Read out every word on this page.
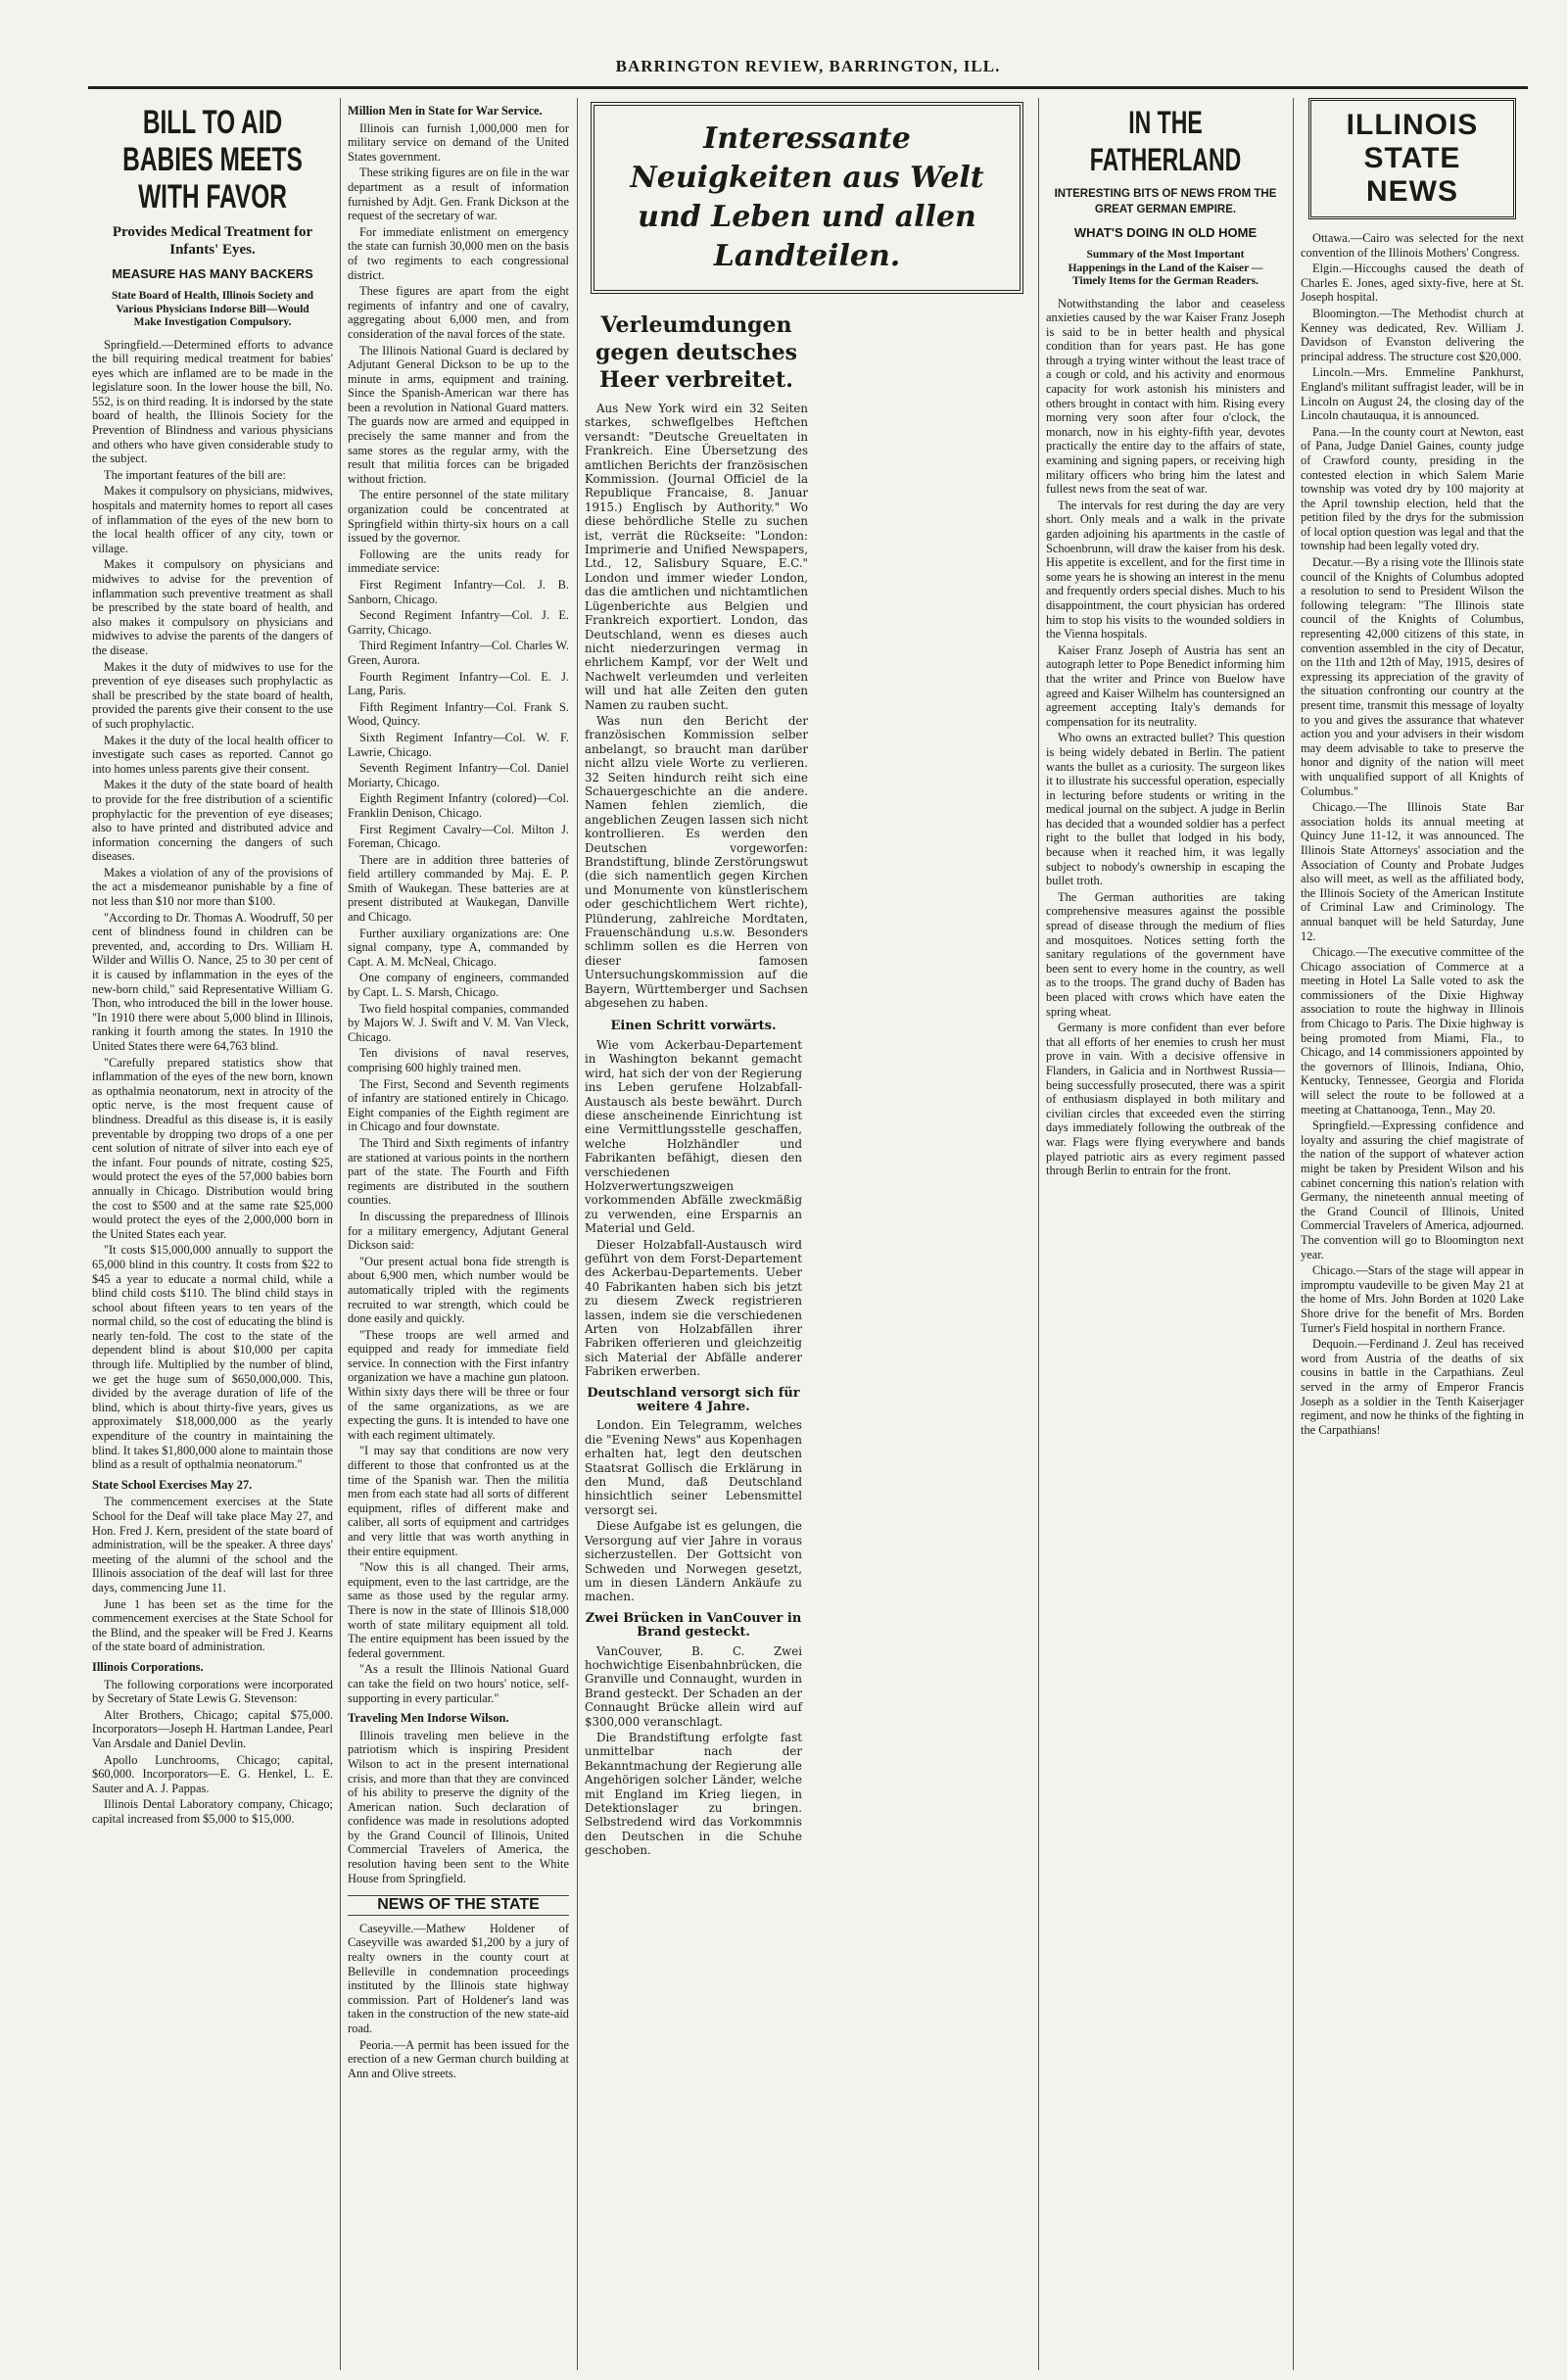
BARRINGTON REVIEW, BARRINGTON, ILL.
BILL TO AID BABIES MEETS WITH FAVOR
Provides Medical Treatment for Infants' Eyes.
MEASURE HAS MANY BACKERS
State Board of Health, Illinois Society and Various Physicians Indorse Bill—Would Make Investigation Compulsory.

Springfield.—Determined efforts to advance the bill requiring medical treatment for babies' eyes which are inflamed are to be made in the legislature soon. In the lower house the bill, No. 552, is on third reading. It is indorsed by the state board of health, the Illinois Society for the Prevention of Blindness and various physicians and others who have given considerable study to the subject.

The important features of the bill are:

Makes it compulsory on physicians, midwives, hospitals and maternity homes to report all cases of inflammation of the eyes of the new born to the local health officer of any city, town or village.

Makes it compulsory on physicians and midwives to advise for the prevention of inflammation such preventive treatment as shall be prescribed by the state board of health, and also makes it compulsory on physicians and midwives to advise the parents of the dangers of the disease.

Makes it the duty of midwives to use for the prevention of eye diseases such prophylactic as shall be prescribed by the state board of health, provided the parents give their consent to the use of such prophylactic.

Makes it the duty of the local health officer to investigate such cases as reported. Cannot go into homes unless parents give their consent.

Makes it the duty of the state board of health to provide for the free distribution of a scientific prophylactic for the prevention of eye diseases; also to have printed and distributed advice and information concerning the dangers of such diseases.

Makes a violation of any of the provisions of the act a misdemeanor punishable by a fine of not less than $10 nor more than $100.

"According to Dr. Thomas A. Woodruff, 50 per cent of blindness found in children can be prevented, and, according to Drs. William H. Wilder and Willis O. Nance, 25 to 30 per cent of it is caused by inflammation in the eyes of the new-born child," said Representative William G. Thon, who introduced the bill in the lower house. "In 1910 there were about 5,000 blind in Illinois, ranking it fourth among the states. In 1910 the United States there were 64,763 blind.

"Carefully prepared statistics show that inflammation of the eyes of the new born, known as opthalmia neonatorum, next in atrocity of the optic nerve, is the most frequent cause of blindness. Dreadful as this disease is, it is easily preventable by dropping two drops of a one per cent solution of nitrate of silver into each eye of the infant. Four pounds of nitrate, costing $25, would protect the eyes of the 57,000 babies born annually in Chicago. Distribution would bring the cost to $500 and at the same rate $25,000 would protect the eyes of the 2,000,000 born in the United States each year.

"It costs $15,000,000 annually to support the 65,000 blind in this country. It costs from $22 to $45 a year to educate a normal child, while a blind child costs $110. The blind child stays in school about fifteen years to ten years of the normal child, so the cost of educating the blind is nearly ten-fold. The cost to the state of the dependent blind is about $10,000 per capita through life. Multiplied by the number of blind, we get the huge sum of $650,000,000. This, divided by the average duration of life of the blind, which is about thirty-five years, gives us approximately $18,000,000 as the yearly expenditure of the country in maintaining the blind. It takes $1,800,000 alone to maintain those blind as a result of opthalmia neonatorum."

State School Exercises May 27.

The commencement exercises at the State School for the Deaf will take place May 27, and Hon. Fred J. Kern, president of the state board of administration, will be the speaker. A three days' meeting of the alumni of the school and the Illinois association of the deaf will last for three days, commencing June 11.

June 1 has been set as the time for the commencement exercises at the State School for the Blind, and the speaker will be Fred J. Kearns of the state board of administration.

Illinois Corporations.

The following corporations were incorporated by Secretary of State Lewis G. Stevenson:

Alter Brothers, Chicago; capital $75,000. Incorporators—Joseph H. Hartman Landee, Pearl Van Arsdale and Daniel Devlin.

Apollo Lunchrooms, Chicago; capital, $60,000. Incorporators—E. G. Henkel, L. E. Sauter and A. J. Pappas.

Illinois Dental Laboratory company, Chicago; capital increased from $5,000 to $15,000.

Million Men in State for War Service.

Illinois can furnish 1,000,000 men for military service on demand of the United States government.

These striking figures are on file in the war department as a result of information furnished by Adjt. Gen. Frank Dickson at the request of the secretary of war.

For immediate enlistment on emergency the state can furnish 30,000 men on the basis of two regiments to each congressional district.

These figures are apart from the eight regiments of infantry and one of cavalry, aggregating about 6,000 men, and from consideration of the naval forces of the state.

The Illinois National Guard is declared by Adjutant General Dickson to be up to the minute in arms, equipment and training. Since the Spanish-American war there has been a revolution in National Guard matters. The guards now are armed and equipped in precisely the same manner and from the same stores as the regular army, with the result that militia forces can be brigaded without friction.

The entire personnel of the state military organization could be concentrated at Springfield within thirty-six hours on a call issued by the governor.

Following are the units ready for immediate service:

First Regiment Infantry—Col. J. B. Sanborn, Chicago.

Second Regiment Infantry—Col. J. E. Garrity, Chicago.

Third Regiment Infantry—Col. Charles W. Green, Aurora.

Fourth Regiment Infantry—Col. E. J. Lang, Paris.

Fifth Regiment Infantry—Col. Frank S. Wood, Quincy.

Sixth Regiment Infantry—Col. W. F. Lawrie, Chicago.

Seventh Regiment Infantry—Col. Daniel Moriarty, Chicago.

Eighth Regiment Infantry (colored)—Col. Franklin Denison, Chicago.

First Regiment Cavalry—Col. Milton J. Foreman, Chicago.

There are in addition three batteries of field artillery commanded by Maj. E. P. Smith of Waukegan. These batteries are at present distributed at Waukegan, Danville and Chicago.

Further auxiliary organizations are: One signal company, type A, commanded by Capt. A. M. McNeal, Chicago.

One company of engineers, commanded by Capt. L. S. Marsh, Chicago.

Two field hospital companies, commanded by Majors W. J. Swift and V. M. Van Vleck, Chicago.

Ten divisions of naval reserves, comprising 600 highly trained men.

The First, Second and Seventh regiments of infantry are stationed entirely in Chicago. Eight companies of the Eighth regiment are in Chicago and four downstate.

The Third and Sixth regiments of infantry are stationed at various points in the northern part of the state. The Fourth and Fifth regiments are distributed in the southern counties.

In discussing the preparedness of Illinois for a military emergency, Adjutant General Dickson said:

"Our present actual bona fide strength is about 6,900 men, which number would be automatically tripled with the regiments recruited to war strength, which could be done easily and quickly.

"These troops are well armed and equipped and ready for immediate field service. In connection with the First infantry organization we have a machine gun platoon. Within sixty days there will be three or four of the same organizations, as we are expecting the guns. It is intended to have one with each regiment ultimately.

"I may say that conditions are now very different to those that confronted us at the time of the Spanish war. Then the militia men from each state had all sorts of different equipment, rifles of different make and caliber, all sorts of equipment and cartridges and very little that was worth anything in their entire equipment.

"Now this is all changed. Their arms, equipment, even to the last cartridge, are the same as those used by the regular army. There is now in the state of Illinois $18,000 worth of state military equipment all told. The entire equipment has been issued by the federal government.

"As a result the Illinois National Guard can take the field on two hours' notice, self-supporting in every particular."

Traveling Men Indorse Wilson.

Illinois traveling men believe in the patriotism which is inspiring President Wilson to act in the present international crisis, and more than that they are convinced of his ability to preserve the dignity of the American nation. Such declaration of confidence was made in resolutions adopted by the Grand Council of Illinois, United Commercial Travelers of America, the resolution having been sent to the White House from Springfield.

NEWS OF THE STATE

Caseyville.—Mathew Holdener of Caseyville was awarded $1,200 by a jury of realty owners in the county court at Belleville in condemnation proceedings instituted by the Illinois state highway commission. Part of Holdener's land was taken in the construction of the new state-aid road.

Peoria.—A permit has been issued for the erection of a new German church building at Ann and Olive streets.

Interessante Neuigkeiten aus Welt und Leben und allen Landteilen.
Verleumdungen gegen deutsches Heer verbreitet.

Aus New York wird ein 32 Seiten starkes, schweflgelbes Heftchen versandt: "Deutsche Greueltaten in Frankreich. Eine Übersetzung des amtlichen Berichts der französischen Kommission. (Journal Officiel de la Republique Francaise, 8. Januar 1915.) Englisch by Authority." Wo diese behördliche Stelle zu suchen ist, verrät die Rückseite: "London: Imprimerie and Unified Newspapers, Ltd., 12, Salisbury Square, E.C." London und immer wieder London, das die amtlichen und nichtamtlichen Lügenberichte aus Belgien und Frankreich exportiert. London, das Deutschland, wenn es dieses auch nicht niederzuringen vermag in ehrlichem Kampf, vor der Welt und Nachwelt verleumden und verleiten will und hat alle Zeiten den guten Namen zu rauben sucht.

Was nun den Bericht der französischen Kommission selber anbelangt, so braucht man darüber nicht allzu viele Worte zu verlieren. 32 Seiten hindurch reiht sich eine Schauergeschichte an die andere. Namen fehlen ziemlich, die angeblichen Zeugen lassen sich nicht kontrollieren. Es werden den Deutschen vorgeworfen: Brandstiftung, blinde Zerstörungswut (die sich namentlich gegen Kirchen und Monumente von künstlerischem oder geschichtlichem Wert richte), Plünderung, zahlreiche Mordtaten, Frauenschändung u.s.w. Besonders schlimm sollen es die Herren von dieser famosen Untersuchungskommission auf die Bayern, Württemberger und Sachsen abgesehen zu haben.

Einen Schritt vorwärts.

Wie vom Ackerbau-Departement in Washington bekannt gemacht wird, hat sich der von der Regierung ins Leben gerufene Holzabfall-Austausch als beste bewährt. Durch diese anscheinende Einrichtung ist eine Vermittlungsstelle geschaffen, welche Holzhändler und Fabrikanten befähigt, diesen den verschiedenen Holzverwertungszweigen vorkommenden Abfälle zweckmäßig zu verwenden, eine Ersparnis an Material und Geld.

Dieser Holzabfall-Austausch wird geführt von dem Forst-Departement des Ackerbau-Departements. Ueber 40 Fabrikanten haben sich bis jetzt zu diesem Zweck registrieren lassen, indem sie die verschiedenen Arten von Holzabfällen ihrer Fabriken offerieren und gleichzeitig sich Material der Abfälle anderer Fabriken erwerben.

Deutschland versorgt sich für weitere 4 Jahre.

London. Ein Telegramm, welches die "Evening News" aus Kopenhagen erhalten hat, legt den deutschen Staatsrat Gollisch die Erklärung in den Mund, daß Deutschland hinsichtlich seiner Lebensmittel versorgt sei.

Diese Aufgabe ist es gelungen, die Versorgung auf vier Jahre in voraus sicherzustellen. Der Gottsicht von Schweden und Norwegen gesetzt, um in diesen Ländern Ankäufe zu machen.

Zwei Brücken in VanCouver in Brand gesteckt.

VanCouver, B. C. Zwei hochwichtige Eisenbahnbrücken, die Granville und Connaught, wurden in Brand gesteckt. Der Schaden an der Connaught Brücke allein wird auf $300,000 veranschlagt.

Die Brandstiftung erfolgte fast unmittelbar nach der Bekanntmachung der Regierung alle Angehörigen solcher Länder, welche mit England im Krieg liegen, in Detektionslager zu bringen. Selbstredend wird das Vorkommnis den Deutschen in die Schuhe geschoben.

IN THE FATHERLAND
INTERESTING BITS OF NEWS FROM THE GREAT GERMAN EMPIRE.
WHAT'S DOING IN OLD HOME
Summary of the Most Important Happenings in the Land of the Kaiser —Timely Items for the German Readers.

Notwithstanding the labor and ceaseless anxieties caused by the war Kaiser Franz Joseph is said to be in better health and physical condition than for years past. He has gone through a trying winter without the least trace of a cough or cold, and his activity and enormous capacity for work astonish his ministers and others brought in contact with him. Rising every morning very soon after four o'clock, the monarch, now in his eighty-fifth year, devotes practically the entire day to the affairs of state, examining and signing papers, or receiving high military officers who bring him the latest and fullest news from the seat of war.

The intervals for rest during the day are very short. Only meals and a walk in the private garden adjoining his apartments in the castle of Schoenbrunn, will draw the kaiser from his desk. His appetite is excellent, and for the first time in some years he is showing an interest in the menu and frequently orders special dishes. Much to his disappointment, the court physician has ordered him to stop his visits to the wounded soldiers in the Vienna hospitals.

Kaiser Franz Joseph of Austria has sent an autograph letter to Pope Benedict informing him that the writer and Prince von Buelow have agreed and Kaiser Wilhelm has countersigned an agreement accepting Italy's demands for compensation for its neutrality.

Who owns an extracted bullet? This question is being widely debated in Berlin. The patient wants the bullet as a curiosity. The surgeon likes it to illustrate his successful operation, especially in lecturing before students or writing in the medical journal on the subject. A judge in Berlin has decided that a wounded soldier has a perfect right to the bullet that lodged in his body, because when it reached him, it was legally subject to nobody's ownership in escaping the bullet troth.

The German authorities are taking comprehensive measures against the possible spread of disease through the medium of flies and mosquitoes. Notices setting forth the sanitary regulations of the government have been sent to every home in the country, as well as to the troops. The grand duchy of Baden has been placed with crows which have eaten the spring wheat.

Germany is more confident than ever before that all efforts of her enemies to crush her must prove in vain. With a decisive offensive in Flanders, in Galicia and in Northwest Russia—being successfully prosecuted, there was a spirit of enthusiasm displayed in both military and civilian circles that exceeded even the stirring days immediately following the outbreak of the war. Flags were flying everywhere and bands played patriotic airs as every regiment passed through Berlin to entrain for the front.

ILLINOIS
STATE NEWS

Ottawa.—Cairo was selected for the next convention of the Illinois Mothers' Congress.

Elgin.—Hiccoughs caused the death of Charles E. Jones, aged sixty-five, here at St. Joseph hospital.

Bloomington.—The Methodist church at Kenney was dedicated, Rev. William J. Davidson of Evanston delivering the principal address. The structure cost $20,000.

Lincoln.—Mrs. Emmeline Pankhurst, England's militant suffragist leader, will be in Lincoln on August 24, the closing day of the Lincoln chautauqua, it is announced.

Pana.—In the county court at Newton, east of Pana, Judge Daniel Gaines, county judge of Crawford county, presiding in the contested election in which Salem Marie township was voted dry by 100 majority at the April township election, held that the petition filed by the drys for the submission of local option question was legal and that the township had been legally voted dry.

Decatur.—By a rising vote the Illinois state council of the Knights of Columbus adopted a resolution to send to President Wilson the following telegram: "The Illinois state council of the Knights of Columbus, representing 42,000 citizens of this state, in convention assembled in the city of Decatur, on the 11th and 12th of May, 1915, desires of expressing its appreciation of the gravity of the situation confronting our country at the present time, transmit this message of loyalty to you and gives the assurance that whatever action you and your advisers in their wisdom may deem advisable to take to preserve the honor and dignity of the nation will meet with unqualified support of all Knights of Columbus."

Chicago.—The Illinois State Bar association holds its annual meeting at Quincy June 11-12, it was announced. The Illinois State Attorneys' association and the Association of County and Probate Judges also will meet, as well as the affiliated body, the Illinois Society of the American Institute of Criminal Law and Criminology. The annual banquet will be held Saturday, June 12.

Chicago.—The executive committee of the Chicago association of Commerce at a meeting in Hotel La Salle voted to ask the commissioners of the Dixie Highway association to route the highway in Illinois from Chicago to Paris. The Dixie highway is being promoted from Miami, Fla., to Chicago, and 14 commissioners appointed by the governors of Illinois, Indiana, Ohio, Kentucky, Tennessee, Georgia and Florida will select the route to be followed at a meeting at Chattanooga, Tenn., May 20.

Springfield.—Expressing confidence and loyalty and assuring the chief magistrate of the nation of the support of whatever action might be taken by President Wilson and his cabinet concerning this nation's relation with Germany, the nineteenth annual meeting of the Grand Council of Illinois, United Commercial Travelers of America, adjourned. The convention will go to Bloomington next year.

Chicago.—Stars of the stage will appear in impromptu vaudeville to be given May 21 at the home of Mrs. John Borden at 1020 Lake Shore drive for the benefit of Mrs. Borden Turner's Field hospital in northern France.

Dequoin.—Ferdinand J. Zeul has received word from Austria of the deaths of six cousins in battle in the Carpathians. Zeul served in the army of Emperor Francis Joseph as a soldier in the Tenth Kaiserjager regiment, and now he thinks of the fighting in the Carpathians!
